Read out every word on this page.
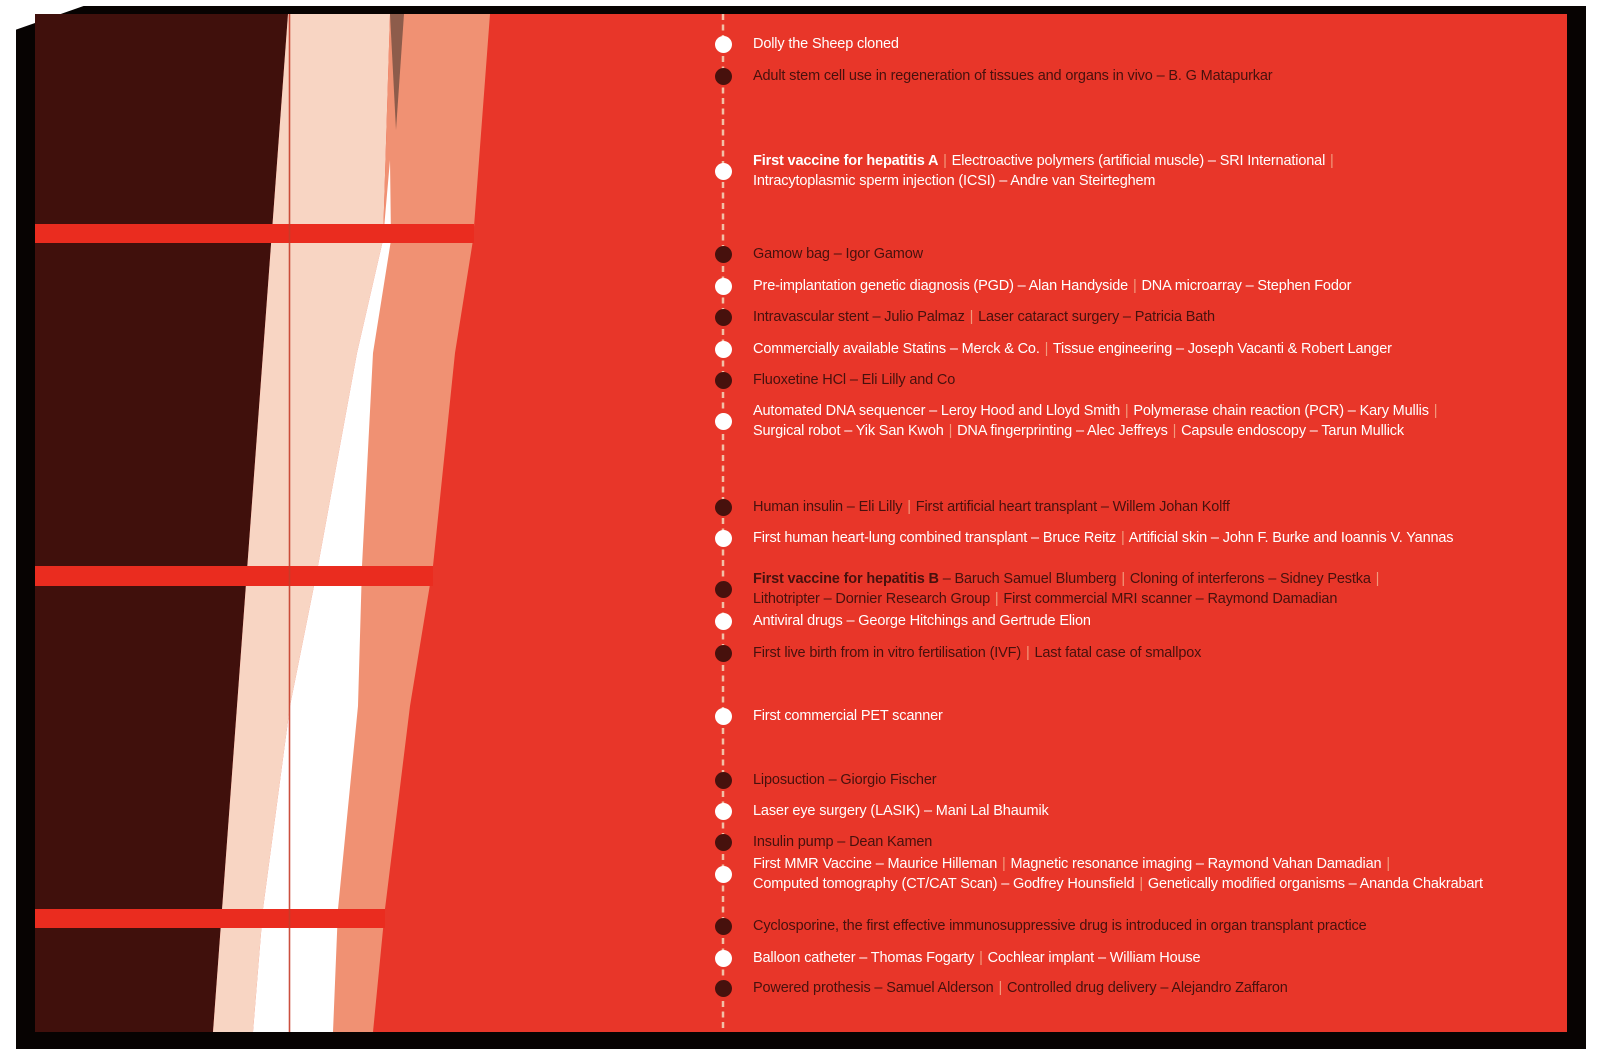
Dolly the Sheep cloned
Adult stem cell use in regeneration of tissues and organs in vivo – B. G Matapurkar
First vaccine for hepatitis A | Electroactive polymers (artificial muscle) – SRI International |
Intracytoplasmic sperm injection (ICSI) – Andre van Steirteghem
Gamow bag – Igor Gamow
Pre-implantation genetic diagnosis (PGD) – Alan Handyside | DNA microarray – Stephen Fodor
Intravascular stent – Julio Palmaz | Laser cataract surgery – Patricia Bath
Commercially available Statins – Merck & Co. | Tissue engineering – Joseph Vacanti & Robert Langer
Fluoxetine HCl – Eli Lilly and Co
Automated DNA sequencer – Leroy Hood and Lloyd Smith | Polymerase chain reaction (PCR) – Kary Mullis |
Surgical robot – Yik San Kwoh | DNA fingerprinting – Alec Jeffreys | Capsule endoscopy – Tarun Mullick
Human insulin – Eli Lilly | First artificial heart transplant – Willem Johan Kolff
First human heart-lung combined transplant – Bruce Reitz | Artificial skin – John F. Burke and Ioannis V. Yannas
First vaccine for hepatitis B – Baruch Samuel Blumberg | Cloning of interferons – Sidney Pestka |
Lithotripter – Dornier Research Group | First commercial MRI scanner – Raymond Damadian
Antiviral drugs – George Hitchings and Gertrude Elion
First live birth from in vitro fertilisation (IVF) | Last fatal case of smallpox
First commercial PET scanner
Liposuction – Giorgio Fischer
Laser eye surgery (LASIK) – Mani Lal Bhaumik
Insulin pump – Dean Kamen
First MMR Vaccine – Maurice Hilleman | Magnetic resonance imaging – Raymond Vahan Damadian |
Computed tomography (CT/CAT Scan) – Godfrey Hounsfield | Genetically modified organisms – Ananda Chakrabart
Cyclosporine, the first effective immunosuppressive drug is introduced in organ transplant practice
Balloon catheter – Thomas Fogarty | Cochlear implant – William House
Powered prothesis – Samuel Alderson | Controlled drug delivery – Alejandro Zaffaron
